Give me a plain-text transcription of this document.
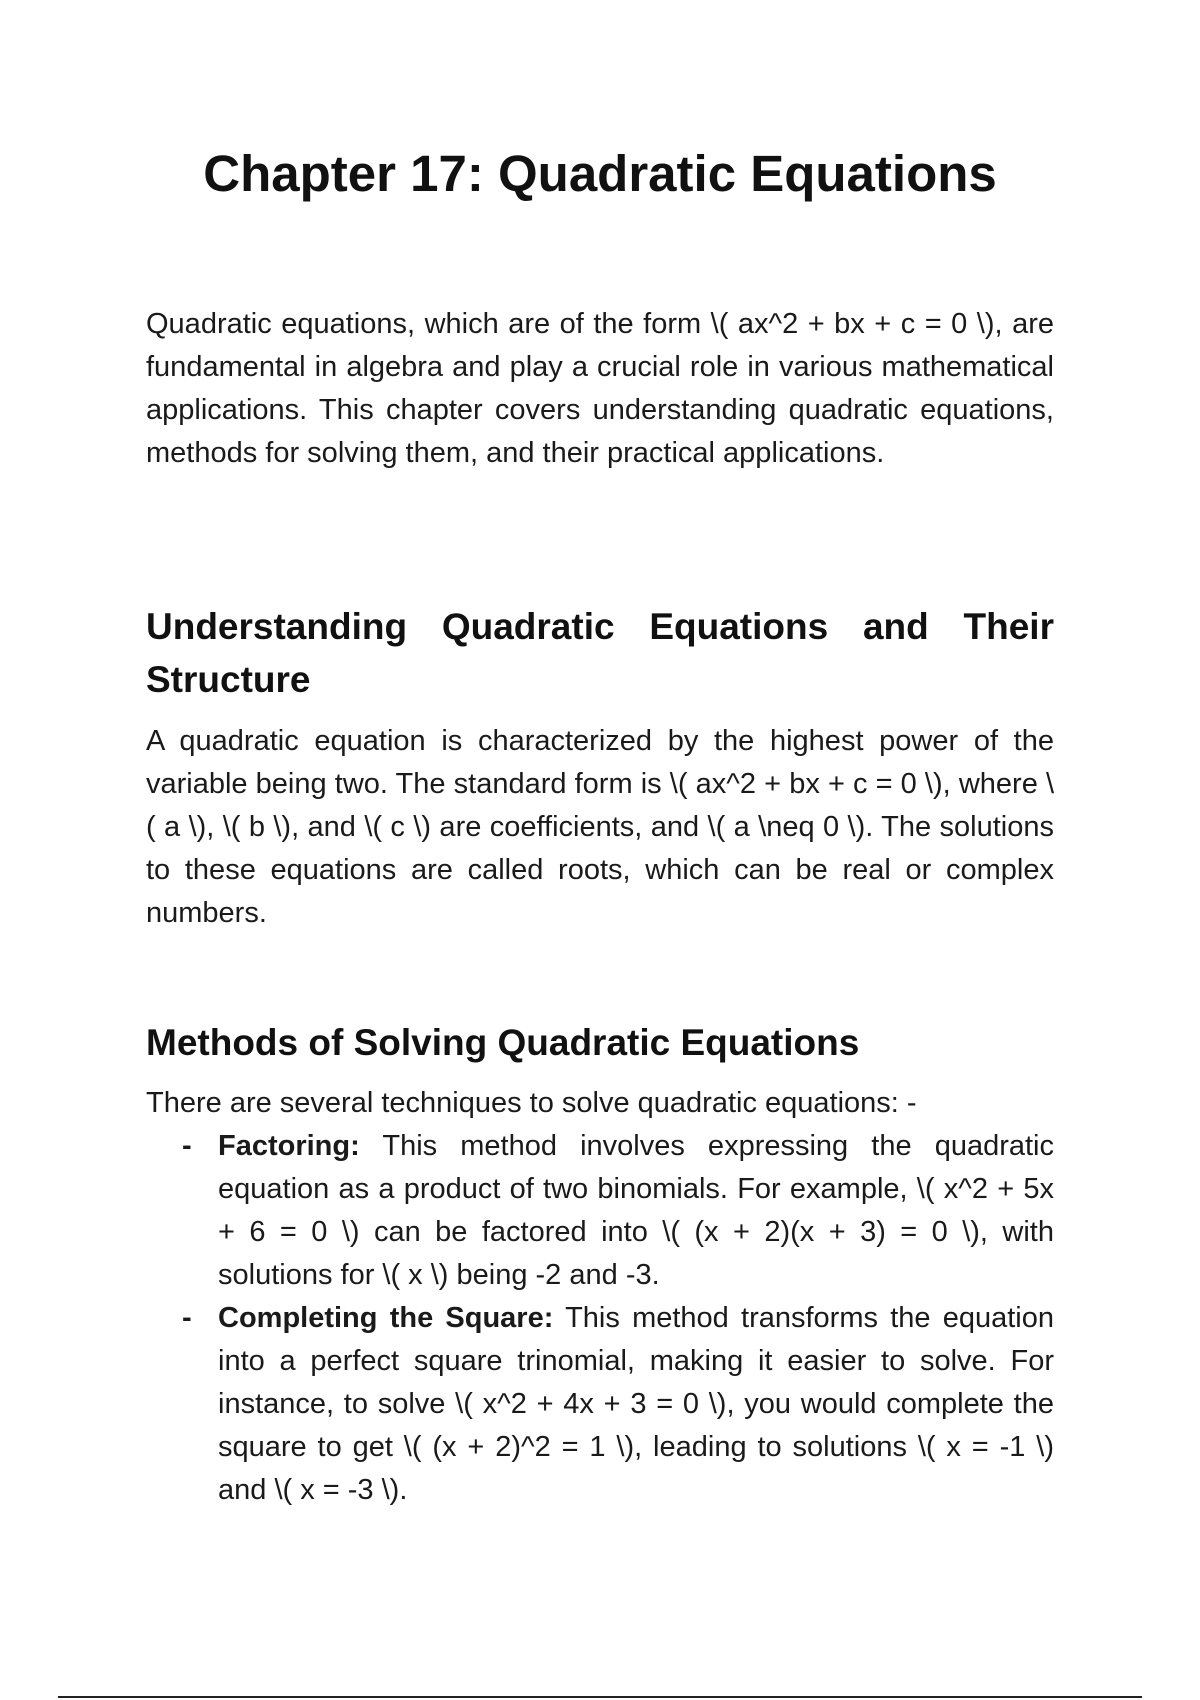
Chapter 17: Quadratic Equations

Quadratic equations, which are of the form \( ax^2 + bx + c = 0 \), are fundamental in algebra and play a crucial role in various mathematical applications. This chapter covers understanding quadratic equations, methods for solving them, and their practical applications.

Understanding Quadratic Equations and Their Structure

A quadratic equation is characterized by the highest power of the variable being two. The standard form is \( ax^2 + bx + c = 0 \), where \( a \), \( b \), and \( c \) are coefficients, and \( a \neq 0 \). The solutions to these equations are called roots, which can be real or complex numbers.

Methods of Solving Quadratic Equations

There are several techniques to solve quadratic equations: -

- Factoring: This method involves expressing the quadratic equation as a product of two binomials. For example, \( x^2 + 5x + 6 = 0 \) can be factored into \( (x + 2)(x + 3) = 0 \), with solutions for \( x \) being -2 and -3.
- Completing the Square: This method transforms the equation into a perfect square trinomial, making it easier to solve. For instance, to solve \( x^2 + 4x + 3 = 0 \), you would complete the square to get \( (x + 2)^2 = 1 \), leading to solutions \( x = -1 \) and \( x = -3 \).
